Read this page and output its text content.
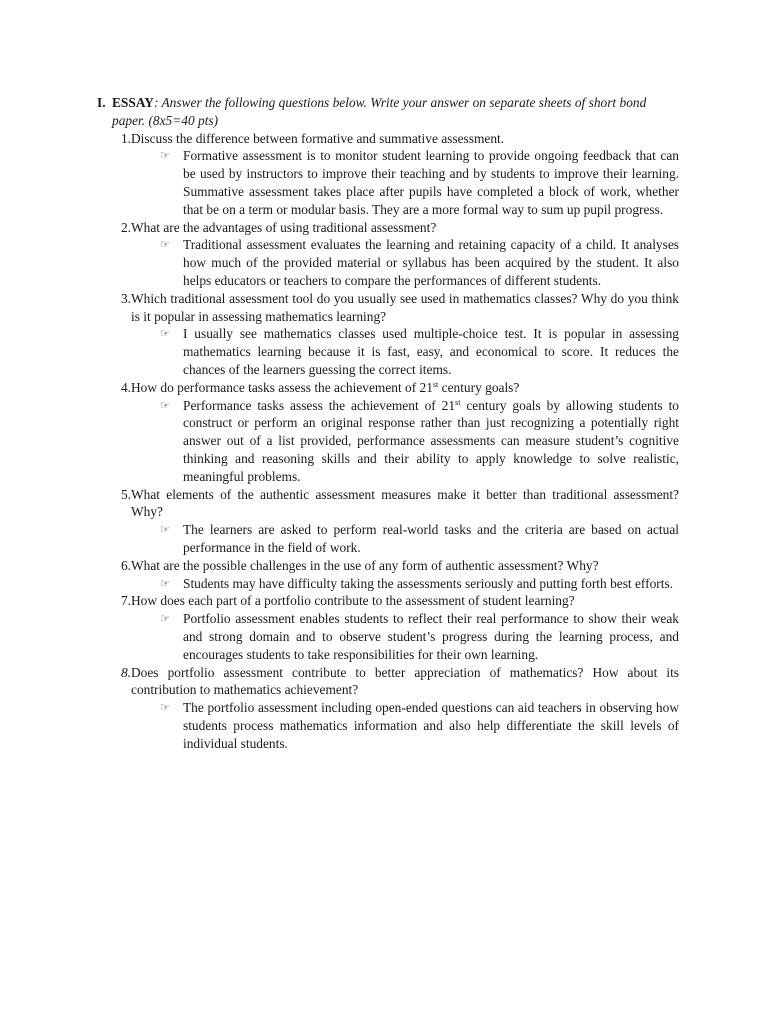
I. ESSAY: Answer the following questions below. Write your answer on separate sheets of short bond paper. (8x5=40 pts)
1. Discuss the difference between formative and summative assessment.
☞ Formative assessment is to monitor student learning to provide ongoing feedback that can be used by instructors to improve their teaching and by students to improve their learning. Summative assessment takes place after pupils have completed a block of work, whether that be on a term or modular basis. They are a more formal way to sum up pupil progress.
2. What are the advantages of using traditional assessment?
☞ Traditional assessment evaluates the learning and retaining capacity of a child. It analyses how much of the provided material or syllabus has been acquired by the student. It also helps educators or teachers to compare the performances of different students.
3. Which traditional assessment tool do you usually see used in mathematics classes? Why do you think is it popular in assessing mathematics learning?
☞ I usually see mathematics classes used multiple-choice test. It is popular in assessing mathematics learning because it is fast, easy, and economical to score. It reduces the chances of the learners guessing the correct items.
4. How do performance tasks assess the achievement of 21st century goals?
☞ Performance tasks assess the achievement of 21st century goals by allowing students to construct or perform an original response rather than just recognizing a potentially right answer out of a list provided, performance assessments can measure student’s cognitive thinking and reasoning skills and their ability to apply knowledge to solve realistic, meaningful problems.
5. What elements of the authentic assessment measures make it better than traditional assessment? Why?
☞ The learners are asked to perform real-world tasks and the criteria are based on actual performance in the field of work.
6. What are the possible challenges in the use of any form of authentic assessment? Why?
☞ Students may have difficulty taking the assessments seriously and putting forth best efforts.
7. How does each part of a portfolio contribute to the assessment of student learning?
☞ Portfolio assessment enables students to reflect their real performance to show their weak and strong domain and to observe student’s progress during the learning process, and encourages students to take responsibilities for their own learning.
8. Does portfolio assessment contribute to better appreciation of mathematics? How about its contribution to mathematics achievement?
☞ The portfolio assessment including open-ended questions can aid teachers in observing how students process mathematics information and also help differentiate the skill levels of individual students.
